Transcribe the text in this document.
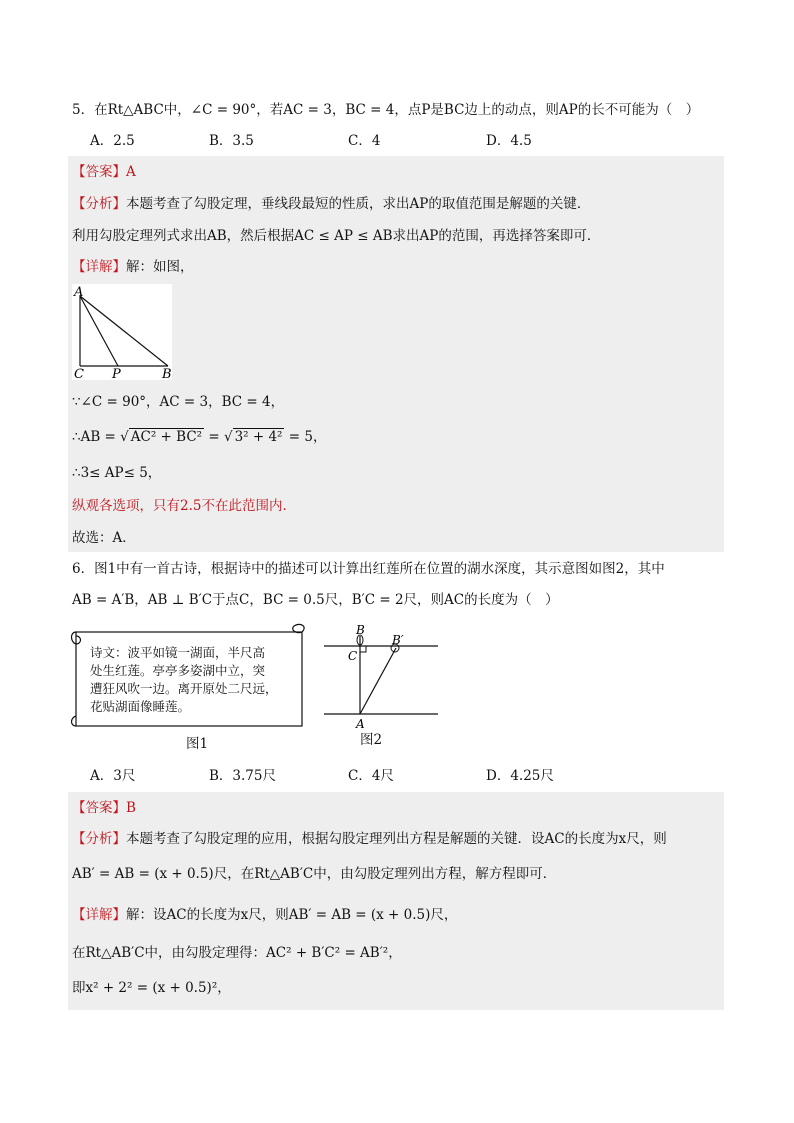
5．在Rt△ABC中，∠C = 90°，若AC = 3，BC = 4，点P是BC边上的动点，则AP的长不可能为（　）
A．2.5	B．3.5	C．4	D．4.5
【答案】A
【分析】本题考查了勾股定理，垂线段最短的性质，求出AP的取值范围是解题的关键．
利用勾股定理列式求出AB，然后根据AC ≤ AP ≤ AB求出AP的范围，再选择答案即可．
【详解】解：如图，
A
C P	B
∵∠C = 90°，AC = 3，BC = 4，
∴AB = √ AC² + BC² = √ 3² + 4² = 5，
∴3≤ AP≤ 5，
纵观各选项，只有2.5不在此范围内．
故选：A．
6．图1中有一首古诗，根据诗中的描述可以计算出红莲所在位置的湖水深度，其示意图如图2，其中
AB = A′B，AB ⊥ B′C于点C，BC = 0.5尺，B′C = 2尺，则AC的长度为（　）
诗文：波平如镜一湖面，半尺高
处生红莲。亭亭多姿湖中立，突
遭狂风吹一边。离开原处二尺远，
花贴湖面像睡莲。
图1
B
B′
C
A
图2
A．3尺	B．3.75尺	C．4尺	D．4.25尺
【答案】B
【分析】本题考查了勾股定理的应用，根据勾股定理列出方程是解题的关键．设AC的长度为x尺，则
AB′ = AB = (x + 0.5)尺，在Rt△AB′C中，由勾股定理列出方程，解方程即可．
【详解】解：设AC的长度为x尺，则AB′ = AB = (x + 0.5)尺，
在Rt△AB′C中，由勾股定理得：AC² + B′C² = AB′²，
即x² + 2² = (x + 0.5)²，
